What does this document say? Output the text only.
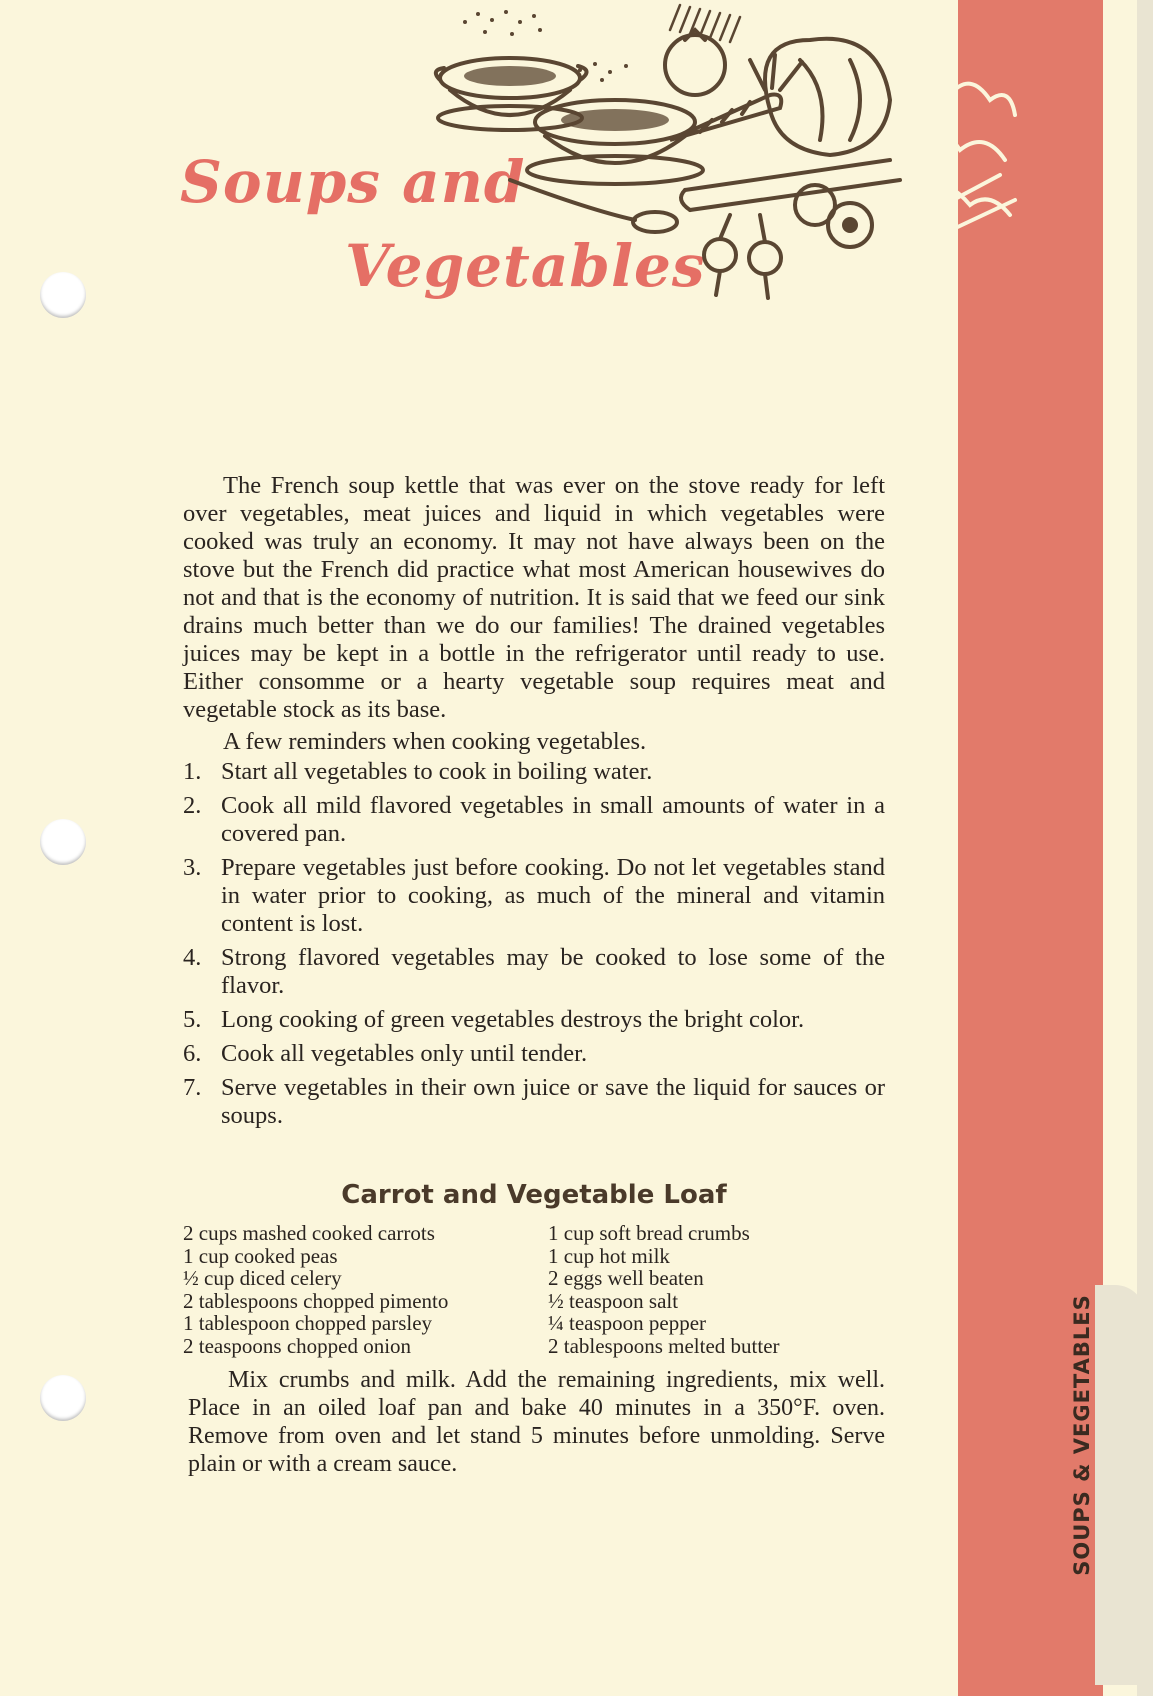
SOUPS & VEGETABLES
Soups and
Vegetables

The French soup kettle that was ever on the stove ready for left over vegetables, meat juices and liquid in which vegetables were cooked was truly an economy. It may not have always been on the stove but the French did practice what most American housewives do not and that is the economy of nutrition. It is said that we feed our sink drains much better than we do our families! The drained vegetables juices may be kept in a bottle in the refrigerator until ready to use. Either consomme or a hearty vegetable soup requires meat and vegetable stock as its base.

A few reminders when cooking vegetables.

1. Start all vegetables to cook in boiling water.
2. Cook all mild flavored vegetables in small amounts of water in a covered pan.
3. Prepare vegetables just before cooking. Do not let vegetables stand in water prior to cooking, as much of the mineral and vitamin content is lost.
4. Strong flavored vegetables may be cooked to lose some of the flavor.
5. Long cooking of green vegetables destroys the bright color.
6. Cook all vegetables only until tender.
7. Serve vegetables in their own juice or save the liquid for sauces or soups.
Carrot and Vegetable Loaf
2 cups mashed cooked carrots
1 cup cooked peas
½ cup diced celery
2 tablespoons chopped pimento
1 tablespoon chopped parsley
2 teaspoons chopped onion
1 cup soft bread crumbs
1 cup hot milk
2 eggs well beaten
½ teaspoon salt
¼ teaspoon pepper
2 tablespoons melted butter

Mix crumbs and milk. Add the remaining ingredients, mix well. Place in an oiled loaf pan and bake 40 minutes in a 350°F. oven. Remove from oven and let stand 5 minutes before unmolding. Serve plain or with a cream sauce.
